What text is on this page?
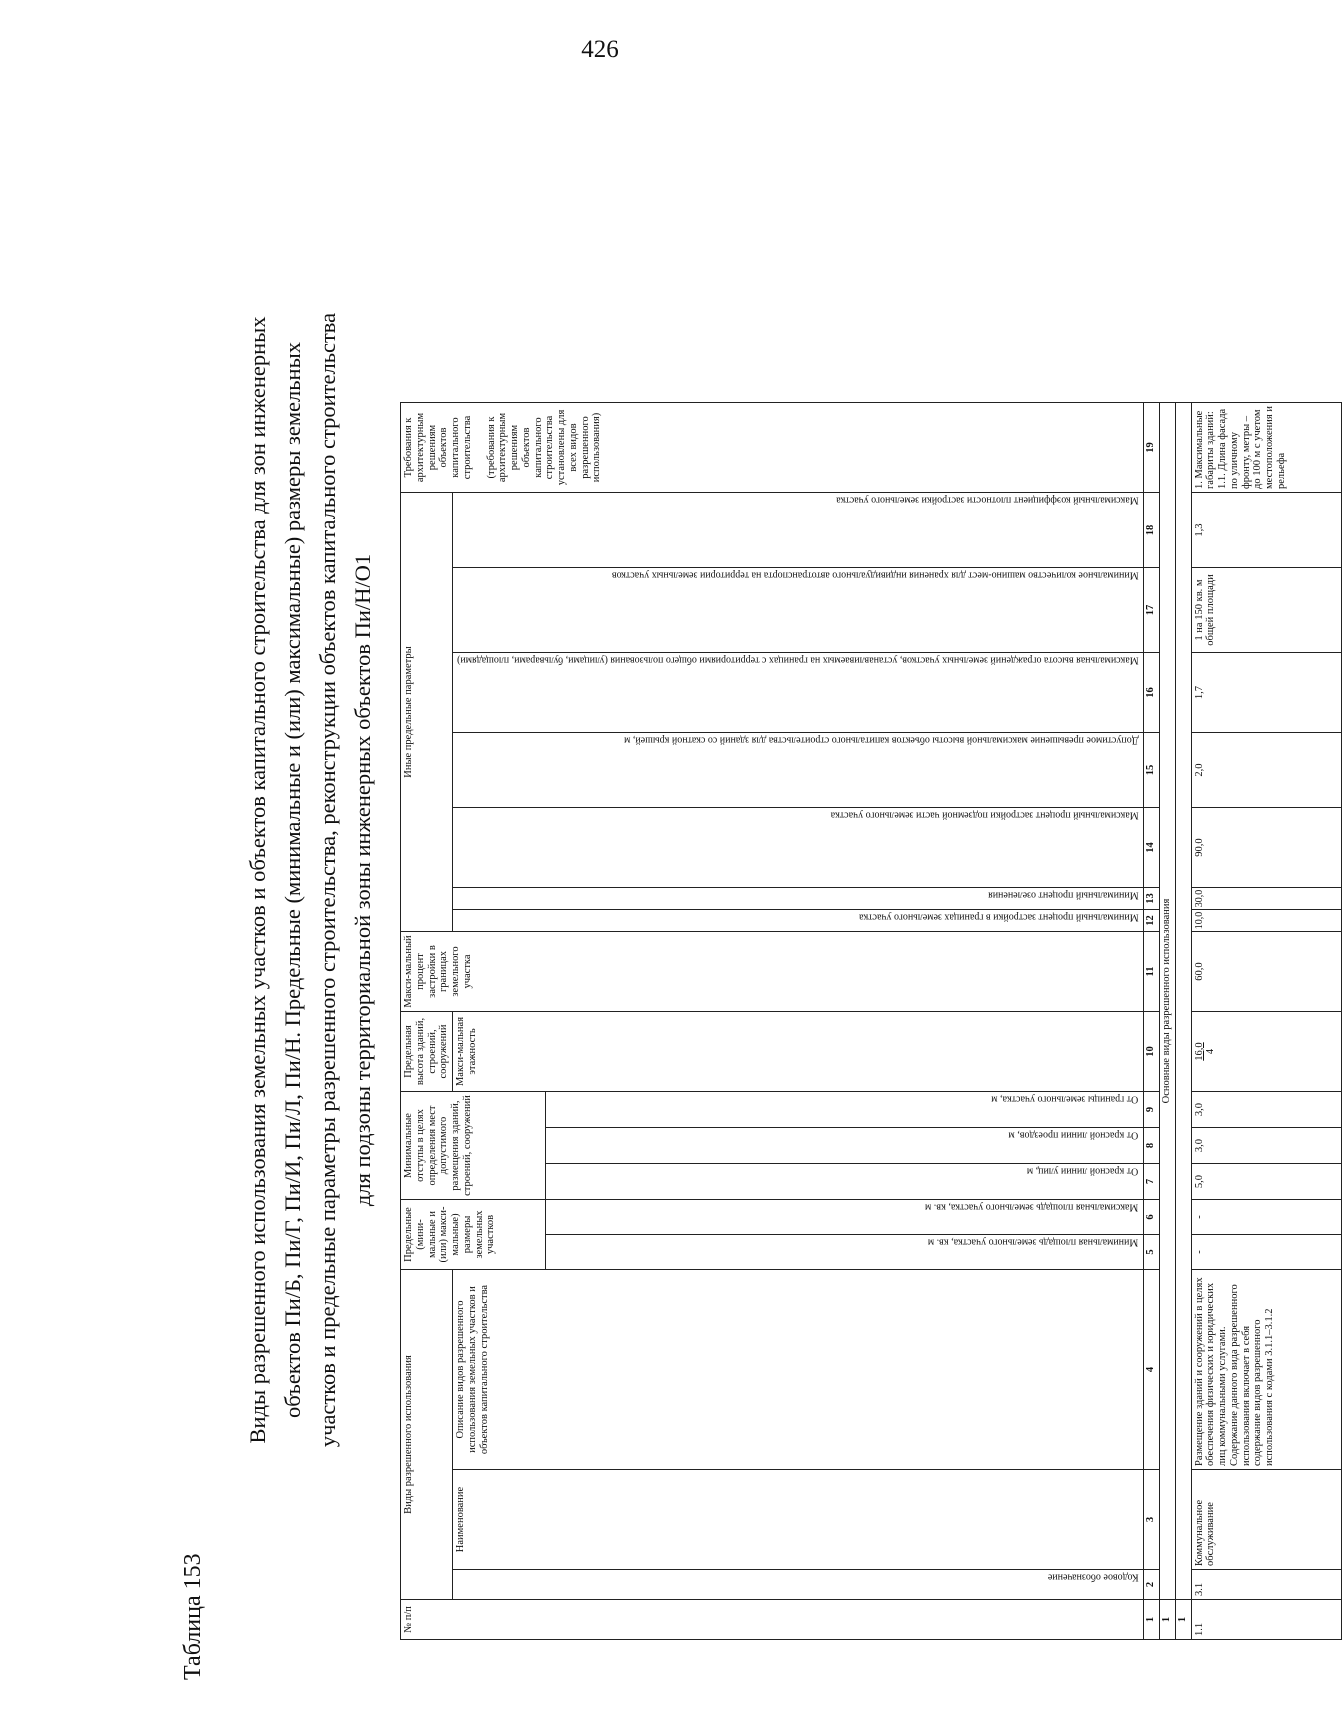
426
Таблица 153
Виды разрешенного использования земельных участков и объектов капитального строительства для зон инженерных объектов Пи/Б, Пи/Г, Пи/И, Пи/Л, Пи/Н. Предельные (минимальные и (или) максимальные) размеры земельных участков и предельные параметры разрешенного строительства, реконструкции объектов капитального строительства для подзоны территориальной зоны инженерных объектов Пи/Н/О1
№ п/п	Виды разрешенного использования			Предельные (мини-мальные и (или) макси-мальные) размеры земельных участков		Минимальные отступы в целях определения мест допустимого размещения зданий, строений, сооружений			Предельная высота зданий, строений, сооружений	Макси-мальный процент застройки в границах земельного участка	Иные предельные параметры							Требования к архитектурным решениям объектов капитального строительства (требования к архитектурным решениям объектов капитального строительства установлены для всех видов разрешенного использования)

	Кодовое обозначение	Наименование	Описание видов разрешенного использования земельных участков и объектов капитального строительства						Макси-мальная этажность		Минимальный процент застройки в границах земельного участка	Минимальный процент озеленения	Максимальный процент застройки подземной части земельного участка	Допустимое превышение максимальной высоты объектов капитального строительства для зданий со скатной крышей, м	Максимальная высота ограждений земельных участков, устанавливаемых на границах с территориями общего пользования (улицами, бульварами, площадями)	Минимальное количество машино-мест для хранения индивидуального автотранспорта на территории земельных участков	Максимальный коэффициент плотности застройки земельного участка	
				Минимальная площадь земельного участка, кв. м	Максимальная площадь земельного участка, кв. м	От красной линии улиц, м	От красной линии проездов, м	От границы земельного участка, м										
1	2	3	4	5	6	7	8	9	10	11	12	13	14	15	16	17	18	19
1	Основные виды разрешенного использования																	
1																		
1.1	3.1	Коммунальное обслуживание	Размещение зданий и сооружений в целях обеспечения физических и юридических лиц коммунальными услугами. Содержание данного вида разрешенного использования включает в себя содержание видов разрешенного использования с кодами 3.1.1–3.1.2	-	-	5,0	3,0	3,0	16,0 4	60,0	10,0	30,0	90,0	2,0	1,7	1 на 150 кв. м общей площади	1,3	1. Максимальные габариты зданий: 1.1. Длина фасада по уличному фронту, метры – до 100 м с учетом местоположения и рельефа
